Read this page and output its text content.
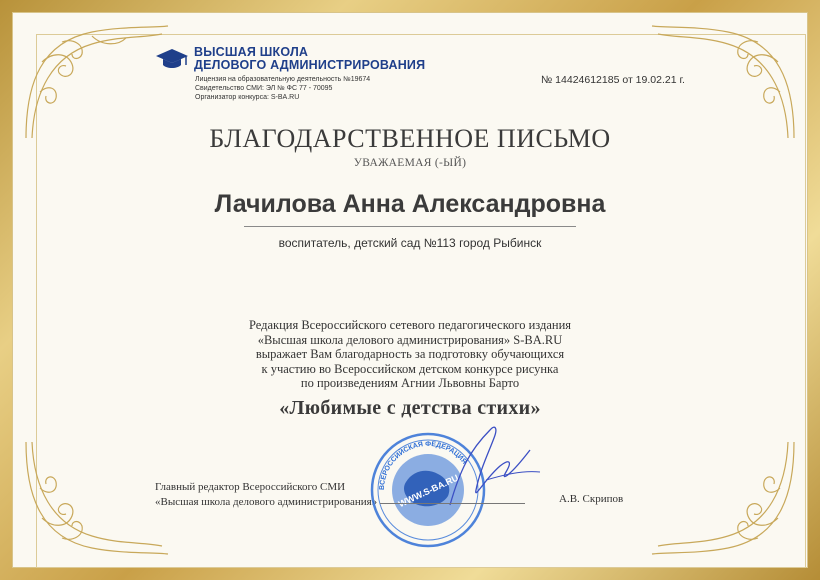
ВЫСШАЯ ШКОЛА
ДЕЛОВОГО АДМИНИСТРИРОВАНИЯ
Лицензия на образовательную деятельность №19674
Свидетельство СМИ: ЭЛ № ФС 77 - 70095
Организатор конкурса: S-BA.RU
№ 14424612185 от 19.02.21 г.
БЛАГОДАРСТВЕННОЕ ПИСЬМО
УВАЖАЕМАЯ (-ЫЙ)
Лачилова Анна Александровна
воспитатель, детский сад №113 город Рыбинск
Редакция Всероссийского сетевого педагогического издания
«Высшая школа делового администрирования» S-BA.RU
выражает Вам благодарность за подготовку обучающихся
к участию во Всероссийском детском конкурсе рисунка
по произведениям Агнии Львовны Барто
«Любимые с детства стихи»
Главный редактор Всероссийского СМИ
«Высшая школа делового администрирования»
ВСЕРОССИЙСКАЯ ФЕДЕРАЦИЯ
WWW.S-BA.RU	А.В. Скрипов
